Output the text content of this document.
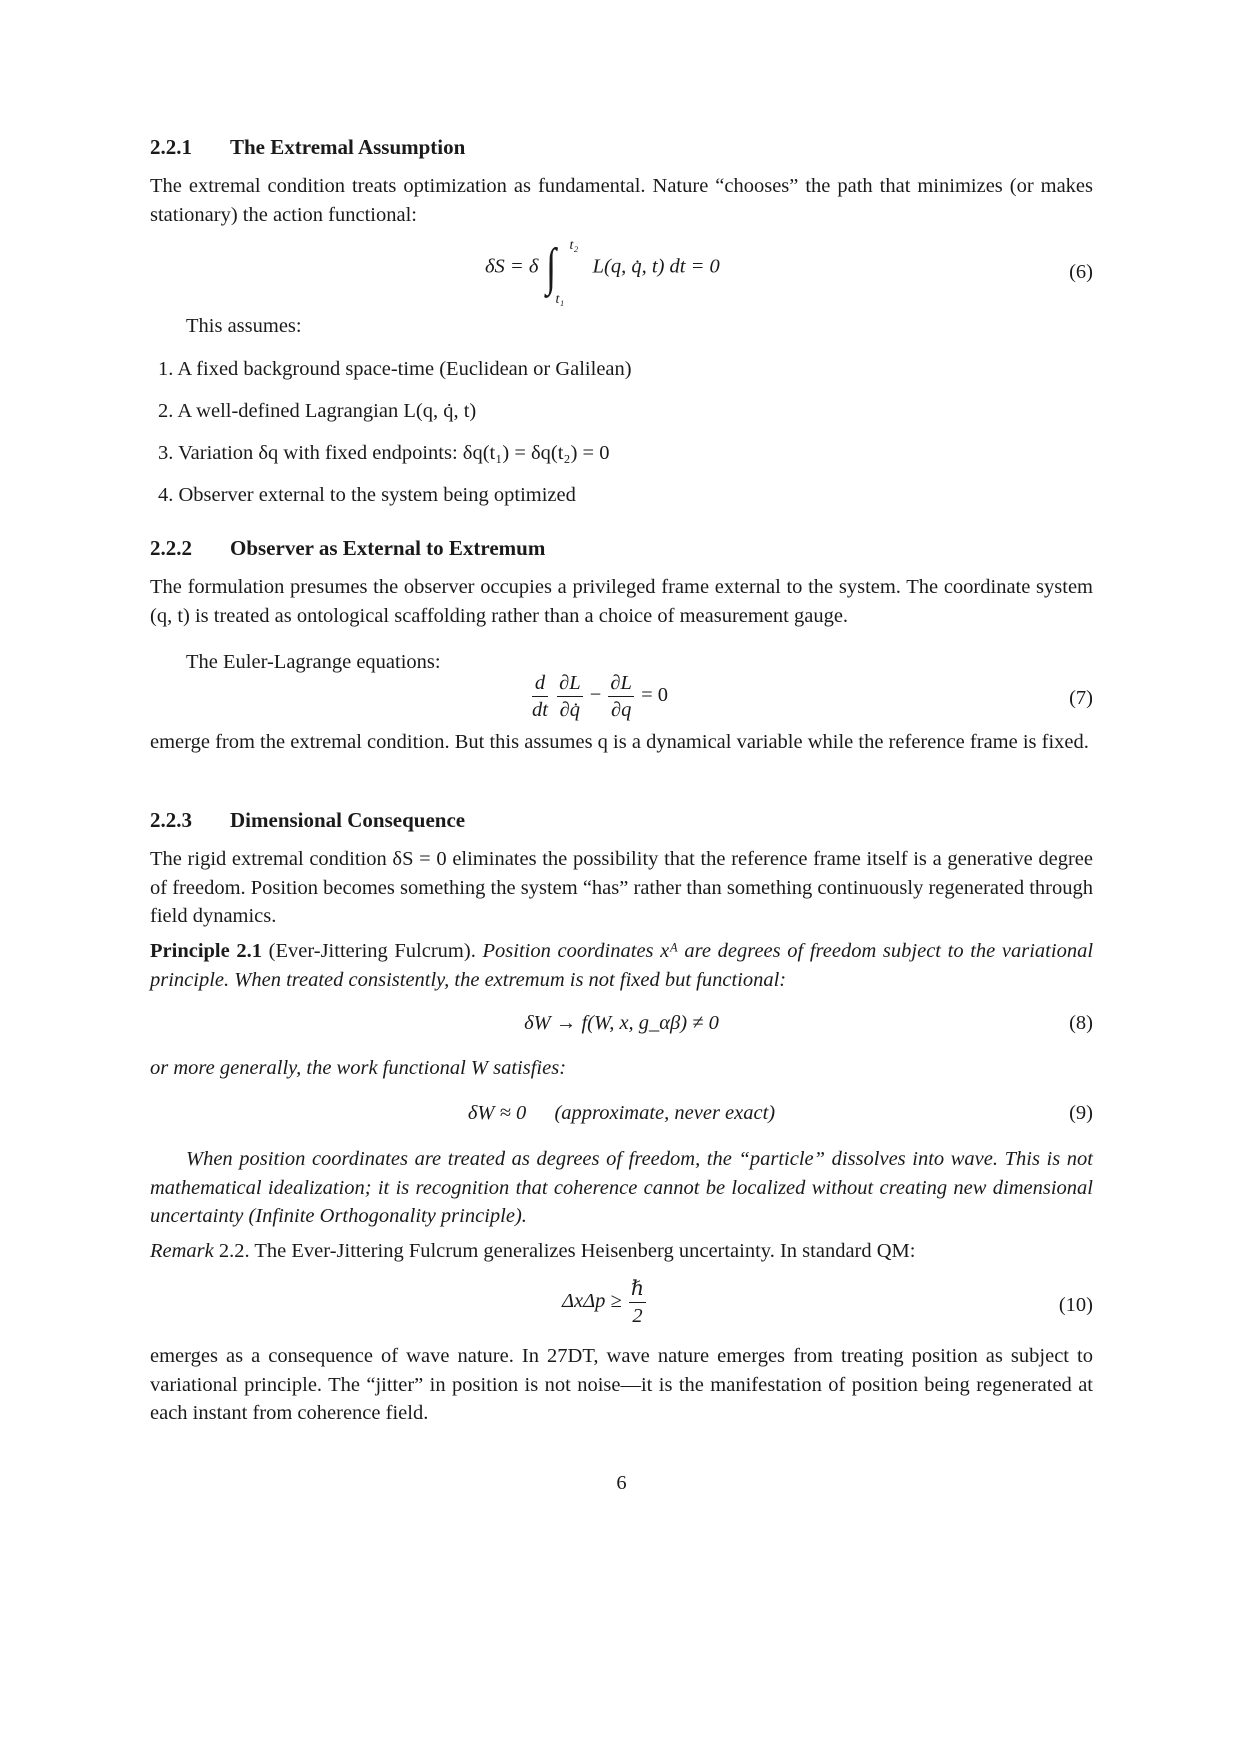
2.2.1 The Extremal Assumption
The extremal condition treats optimization as fundamental. Nature “chooses” the path that minimizes (or makes stationary) the action functional:
δS = δ ∫ t₂
t₁
L(q, q̇, t) dt = 0	(6)
This assumes:
1. A fixed background space-time (Euclidean or Galilean)
2. A well-defined Lagrangian L(q, q̇, t)
3. Variation δq with fixed endpoints: δq(t₁) = δq(t₂) = 0
4. Observer external to the system being optimized
2.2.2 Observer as External to Extremum
The formulation presumes the observer occupies a privileged frame external to the system. The coordinate system (q, t) is treated as ontological scaffolding rather than a choice of measurement gauge.
The Euler-Lagrange equations:
$\frac{d}{dt}$
$\frac{\partial L}{\partial q̇} - \frac{\partial L}{\partial q} = 0$	(7)
emerge from the extremal condition. But this assumes q is a dynamical variable while the reference frame is fixed.
2.2.3 Dimensional Consequence
The rigid extremal condition δS = 0 eliminates the possibility that the reference frame itself is a generative degree of freedom. Position becomes something the system “has” rather than something continuously regenerated through field dynamics.
Principle 2.1 (Ever-Jittering Fulcrum). Position coordinates xᴬ are degrees of freedom subject to the variational principle. When treated consistently, the extremum is not fixed but functional:
δW → f(W, x, g_αβ) ≠ 0	(8)
or more generally, the work functional W satisfies:
δW ≈ 0 (approximate, never exact)	(9)
When position coordinates are treated as degrees of freedom, the “particle” dissolves into wave. This is not mathematical idealization; it is recognition that coherence cannot be localized without creating new dimensional uncertainty (Infinite Orthogonality principle).
Remark 2.2. The Ever-Jittering Fulcrum generalizes Heisenberg uncertainty. In standard QM:
$\Delta x\Delta p \ge \frac{\text{ℏ}}{2}$	(10)
emerges as a consequence of wave nature. In 27DT, wave nature emerges from treating position as subject to variational principle. The “jitter” in position is not noise—it is the manifestation of position being regenerated at each instant from coherence field.
6
